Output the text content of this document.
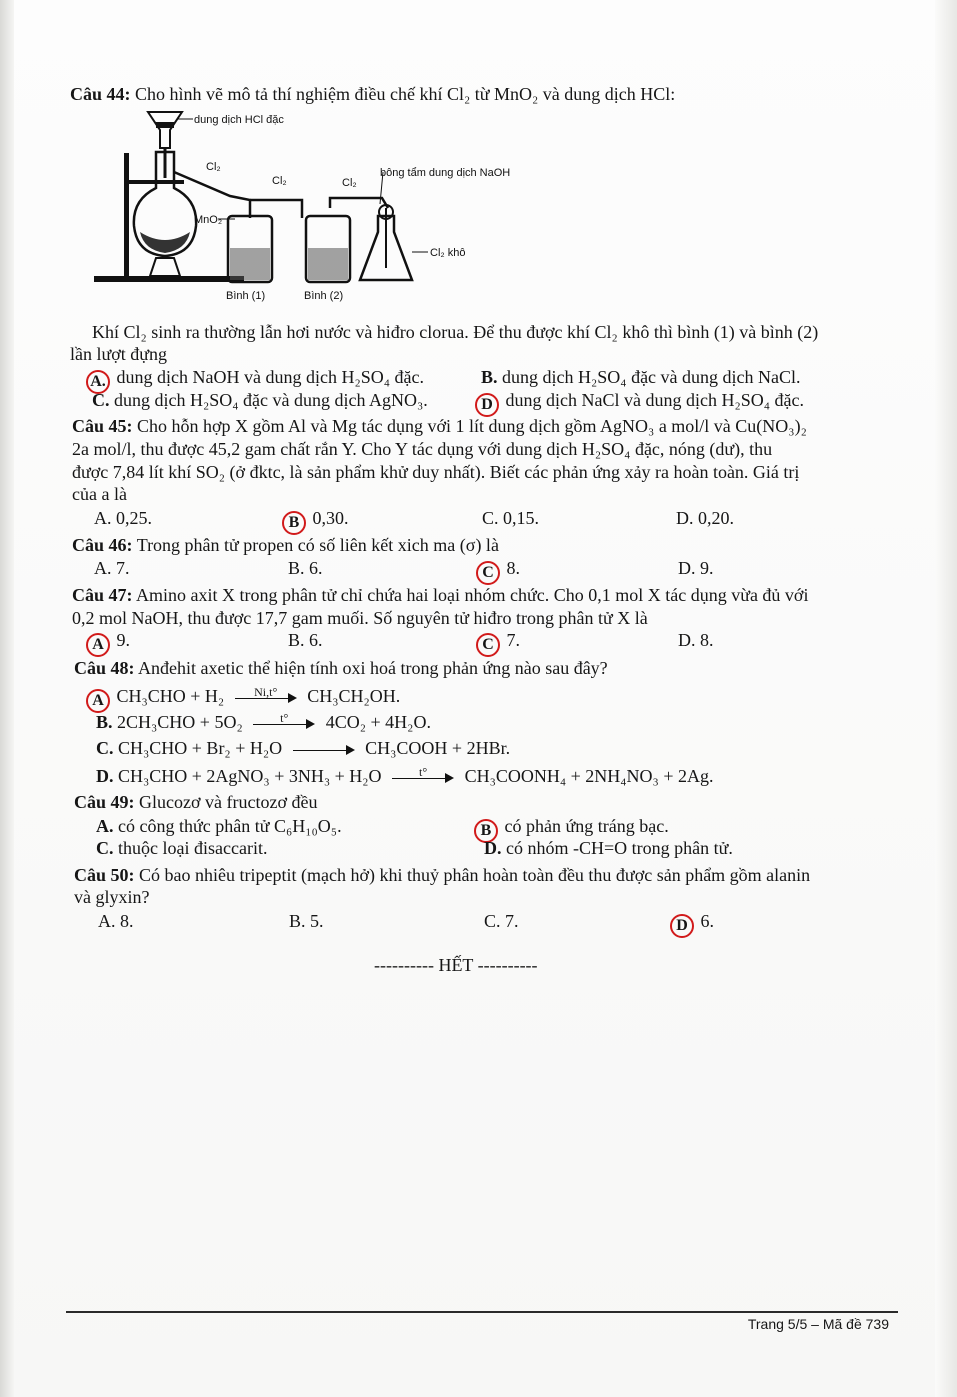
Câu 44: Cho hình vẽ mô tả thí nghiệm điều chế khí Cl₂ từ MnO₂ và dung dịch HCl:
dung dịch HCl đặc
Cl₂
Cl₂	Cl₂
bông tẩm dung dịch NaOH
MnO₂
Cl₂ khô
Bình (1)	Bình (2)
Khí Cl₂ sinh ra thường lẫn hơi nước và hiđro clorua. Để thu được khí Cl₂ khô thì bình (1) và bình (2)
lần lượt đựng
A. dung dịch NaOH và dung dịch H₂SO₄ đặc.	B. dung dịch H₂SO₄ đặc và dung dịch NaCl.
C. dung dịch H₂SO₄ đặc và dung dịch AgNO₃.	D dung dịch NaCl và dung dịch H₂SO₄ đặc.
Câu 45: Cho hỗn hợp X gồm Al và Mg tác dụng với 1 lít dung dịch gồm AgNO₃ a mol/l và Cu(NO₃)₂
2a mol/l, thu được 45,2 gam chất rắn Y. Cho Y tác dụng với dung dịch H₂SO₄ đặc, nóng (dư), thu
được 7,84 lít khí SO₂ (ở đktc, là sản phẩm khử duy nhất). Biết các phản ứng xảy ra hoàn toàn. Giá trị
của a là
A. 0,25.	B 0,30.	C. 0,15.	D. 0,20.
Câu 46: Trong phân tử propen có số liên kết xich ma (σ) là
A. 7.	B. 6.	C 8.	D. 9.
Câu 47: Amino axit X trong phân tử chỉ chứa hai loại nhóm chức. Cho 0,1 mol X tác dụng vừa đủ với
0,2 mol NaOH, thu được 17,7 gam muối. Số nguyên tử hiđro trong phân tử X là
A 9.	B. 6.	C 7.	D. 8.
Câu 48: Anđehit axetic thể hiện tính oxi hoá trong phản ứng nào sau đây?
A CH₃CHO + H₂	Ni,t°	CH₃CH₂OH.
B. 2CH₃CHO + 5O₂	t°	4CO₂ + 4H₂O.
C. CH₃CHO + Br₂ + H₂O	CH₃COOH + 2HBr.
D. CH₃CHO + 2AgNO₃ + 3NH₃ + H₂O	t°	CH₃COONH₄ + 2NH₄NO₃ + 2Ag.
Câu 49: Glucozơ và fructozơ đều
A. có công thức phân tử C₆H₁₀O₅.	B có phản ứng tráng bạc.
C. thuộc loại đisaccarit.	D. có nhóm -CH=O trong phân tử.
Câu 50: Có bao nhiêu tripeptit (mạch hở) khi thuỷ phân hoàn toàn đều thu được sản phẩm gồm alanin
và glyxin?
A. 8.	B. 5.	C. 7.	D 6.
---------- HẾT ----------
Trang 5/5 – Mã đề 739
